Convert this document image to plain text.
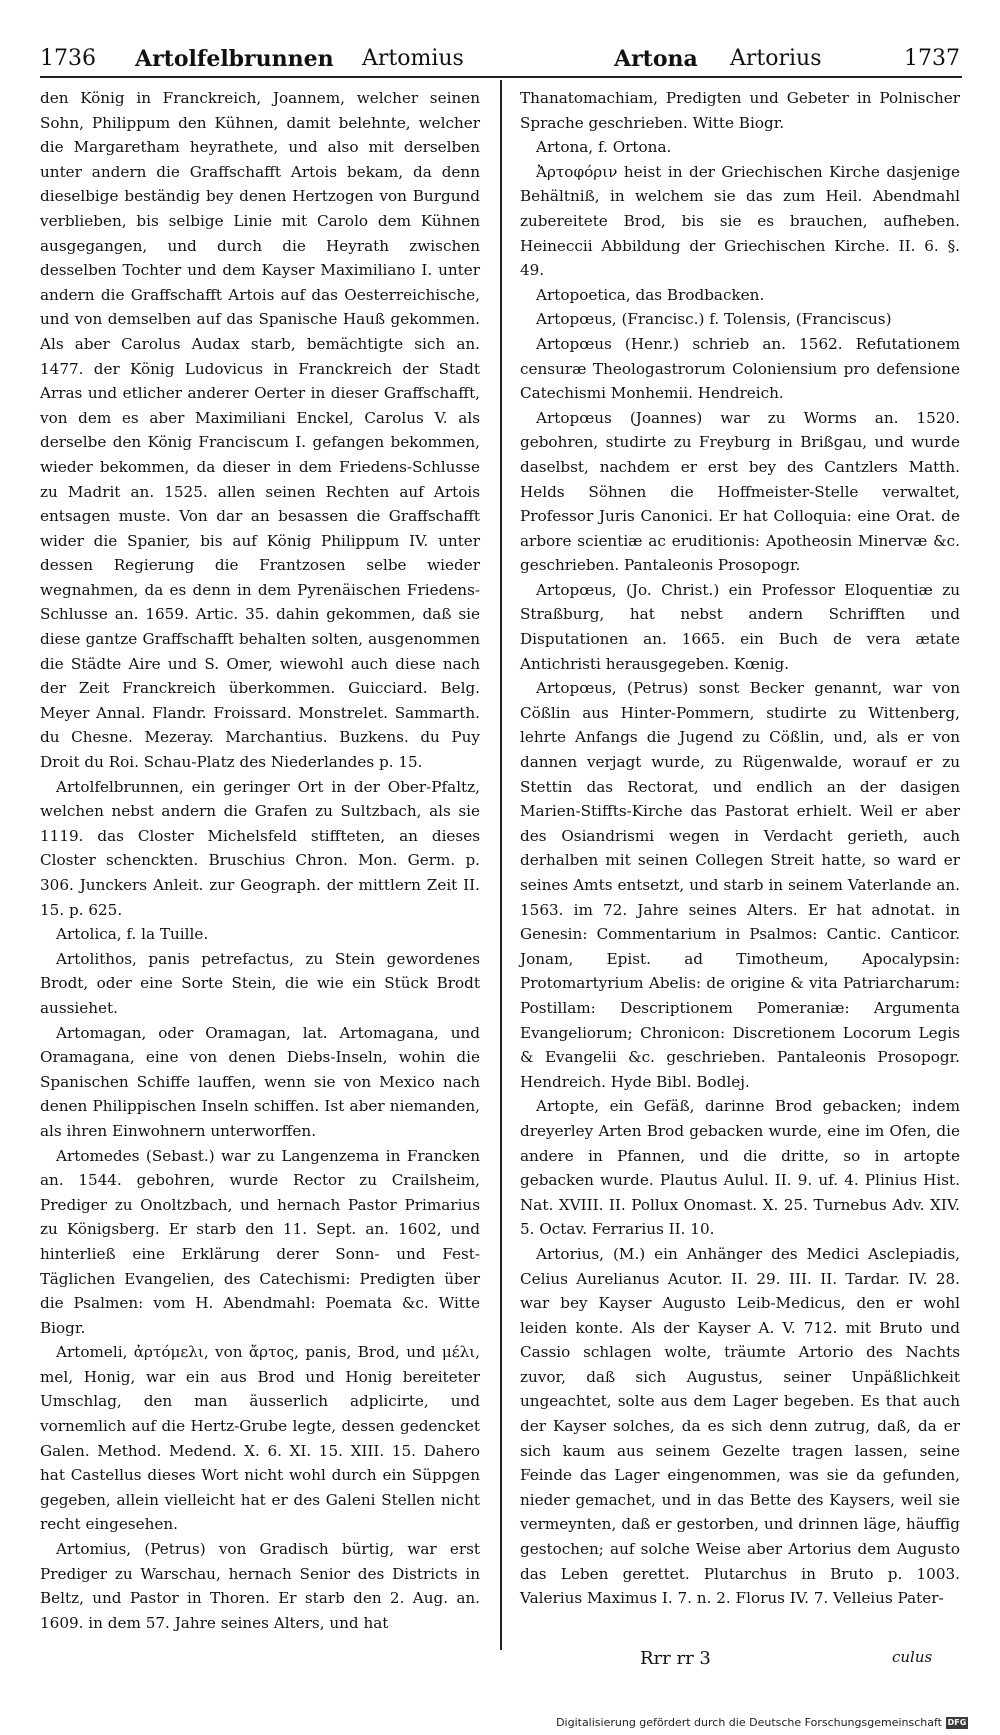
1736 Artolfelbrunnen Artomius	Artona Artorius	1737

den König in Franckreich, Joannem, welcher seinen Sohn, Philippum den Kühnen, damit belehnte, welcher die Margaretham heyrathete, und also mit derselben unter andern die Graffschafft Artois bekam, da denn dieselbige beständig bey denen Hertzogen von Burgund verblieben, bis selbige Linie mit Carolo dem Kühnen ausgegangen, und durch die Heyrath zwischen desselben Tochter und dem Kayser Maximiliano I. unter andern die Graffschafft Artois auf das Oesterreichische, und von demselben auf das Spanische Hauß gekommen. Als aber Carolus Audax starb, bemächtigte sich an. 1477. der König Ludovicus in Franckreich der Stadt Arras und etlicher anderer Oerter in dieser Graffschafft, von dem es aber Maximiliani Enckel, Carolus V. als derselbe den König Franciscum I. gefangen bekommen, wieder bekommen, da dieser in dem Friedens-Schlusse zu Madrit an. 1525. allen seinen Rechten auf Artois entsagen muste. Von dar an besassen die Graffschafft wider die Spanier, bis auf König Philippum IV. unter dessen Regierung die Frantzosen selbe wieder wegnahmen, da es denn in dem Pyrenäischen Friedens-Schlusse an. 1659. Artic. 35. dahin gekommen, daß sie diese gantze Graffschafft behalten solten, ausgenommen die Städte Aire und S. Omer, wiewohl auch diese nach der Zeit Franckreich überkommen. Guicciard. Belg. Meyer Annal. Flandr. Froissard. Monstrelet. Sammarth. du Chesne. Mezeray. Marchantius. Buzkens. du Puy Droit du Roi. Schau-Platz des Niederlandes p. 15.

Artolfelbrunnen, ein geringer Ort in der Ober-Pfaltz, welchen nebst andern die Grafen zu Sultzbach, als sie 1119. das Closter Michelsfeld stiffteten, an dieses Closter schenckten. Bruschius Chron. Mon. Germ. p. 306. Junckers Anleit. zur Geograph. der mittlern Zeit II. 15. p. 625.

Artolica, f. la Tuille.

Artolithos, panis petrefactus, zu Stein gewordenes Brodt, oder eine Sorte Stein, die wie ein Stück Brodt aussiehet.

Artomagan, oder Oramagan, lat. Artomagana, und Oramagana, eine von denen Diebs-Inseln, wohin die Spanischen Schiffe lauffen, wenn sie von Mexico nach denen Philippischen Inseln schiffen. Ist aber niemanden, als ihren Einwohnern unterworffen.

Artomedes (Sebast.) war zu Langenzema in Francken an. 1544. gebohren, wurde Rector zu Crailsheim, Prediger zu Onoltzbach, und hernach Pastor Primarius zu Königsberg. Er starb den 11. Sept. an. 1602, und hinterließ eine Erklärung derer Sonn- und Fest-Täglichen Evangelien, des Catechismi: Predigten über die Psalmen: vom H. Abendmahl: Poemata &c. Witte Biogr.

Artomeli, ἀρτόμελι, von ἄρτος, panis, Brod, und μέλι, mel, Honig, war ein aus Brod und Honig bereiteter Umschlag, den man äusserlich adplicirte, und vornemlich auf die Hertz-Grube legte, dessen gedencket Galen. Method. Medend. X. 6. XI. 15. XIII. 15. Dahero hat Castellus dieses Wort nicht wohl durch ein Süppgen gegeben, allein vielleicht hat er des Galeni Stellen nicht recht eingesehen.

Artomius, (Petrus) von Gradisch bürtig, war erst Prediger zu Warschau, hernach Senior des Districts in Beltz, und Pastor in Thoren. Er starb den 2. Aug. an. 1609. in dem 57. Jahre seines Alters, und hat

Thanatomachiam, Predigten und Gebeter in Polnischer Sprache geschrieben. Witte Biogr.

Artona, f. Ortona.

Ἀρτοφόριν heist in der Griechischen Kirche dasjenige Behältniß, in welchem sie das zum Heil. Abendmahl zubereitete Brod, bis sie es brauchen, aufheben. Heineccii Abbildung der Griechischen Kirche. II. 6. §. 49.

Artopoetica, das Brodbacken.

Artopœus, (Francisc.) f. Tolensis, (Franciscus)

Artopœus (Henr.) schrieb an. 1562. Refutationem censuræ Theologastrorum Coloniensium pro defensione Catechismi Monhemii. Hendreich.

Artopœus (Joannes) war zu Worms an. 1520. gebohren, studirte zu Freyburg in Brißgau, und wurde daselbst, nachdem er erst bey des Cantzlers Matth. Helds Söhnen die Hoffmeister-Stelle verwaltet, Professor Juris Canonici. Er hat Colloquia: eine Orat. de arbore scientiæ ac eruditionis: Apotheosin Minervæ &c. geschrieben. Pantaleonis Prosopogr.

Artopœus, (Jo. Christ.) ein Professor Eloquentiæ zu Straßburg, hat nebst andern Schrifften und Disputationen an. 1665. ein Buch de vera ætate Antichristi herausgegeben. Kœnig.

Artopœus, (Petrus) sonst Becker genannt, war von Cößlin aus Hinter-Pommern, studirte zu Wittenberg, lehrte Anfangs die Jugend zu Cößlin, und, als er von dannen verjagt wurde, zu Rügenwalde, worauf er zu Stettin das Rectorat, und endlich an der dasigen Marien-Stiffts-Kirche das Pastorat erhielt. Weil er aber des Osiandrismi wegen in Verdacht gerieth, auch derhalben mit seinen Collegen Streit hatte, so ward er seines Amts entsetzt, und starb in seinem Vaterlande an. 1563. im 72. Jahre seines Alters. Er hat adnotat. in Genesin: Commentarium in Psalmos: Cantic. Canticor. Jonam, Epist. ad Timotheum, Apocalypsin: Protomartyrium Abelis: de origine & vita Patriarcharum: Postillam: Descriptionem Pomeraniæ: Argumenta Evangeliorum; Chronicon: Discretionem Locorum Legis & Evangelii &c. geschrieben. Pantaleonis Prosopogr. Hendreich. Hyde Bibl. Bodlej.

Artopte, ein Gefäß, darinne Brod gebacken; indem dreyerley Arten Brod gebacken wurde, eine im Ofen, die andere in Pfannen, und die dritte, so in artopte gebacken wurde. Plautus Aulul. II. 9. uf. 4. Plinius Hist. Nat. XVIII. II. Pollux Onomast. X. 25. Turnebus Adv. XIV. 5. Octav. Ferrarius II. 10.

Artorius, (M.) ein Anhänger des Medici Asclepiadis, Celius Aurelianus Acutor. II. 29. III. II. Tardar. IV. 28. war bey Kayser Augusto Leib-Medicus, den er wohl leiden konte. Als der Kayser A. V. 712. mit Bruto und Cassio schlagen wolte, träumte Artorio des Nachts zuvor, daß sich Augustus, seiner Unpäßlichkeit ungeachtet, solte aus dem Lager begeben. Es that auch der Kayser solches, da es sich denn zutrug, daß, da er sich kaum aus seinem Gezelte tragen lassen, seine Feinde das Lager eingenommen, was sie da gefunden, nieder gemachet, und in das Bette des Kaysers, weil sie vermeynten, daß er gestorben, und drinnen läge, häuffig gestochen; auf solche Weise aber Artorius dem Augusto das Leben gerettet. Plutarchus in Bruto p. 1003. Valerius Maximus I. 7. n. 2. Florus IV. 7. Velleius Pater-

Rrr rr 3	culus
Digitalisierung gefördert durch die Deutsche Forschungsgemeinschaft DFG
